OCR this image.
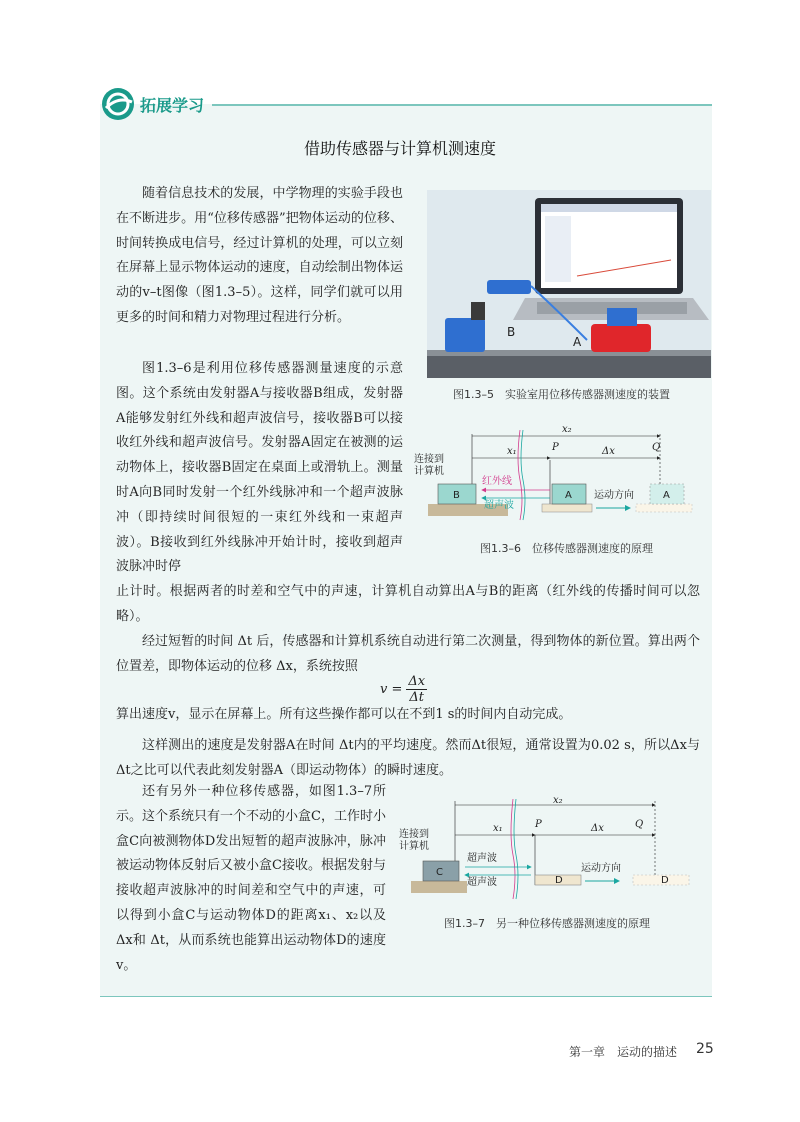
拓展学习
借助传感器与计算机测速度

随着信息技术的发展，中学物理的实验手段也在不断进步。用“位移传感器”把物体运动的位移、时间转换成电信号，经过计算机的处理，可以立刻在屏幕上显示物体运动的速度，自动绘制出物体运动的v–t图像（图1.3–5）。这样，同学们就可以用更多的时间和精力对物理过程进行分析。

图1.3–6是利用位移传感器测量速度的示意图。这个系统由发射器A与接收器B组成，发射器A能够发射红外线和超声波信号，接收器B可以接收红外线和超声波信号。发射器A固定在被测的运动物体上，接收器B固定在桌面上或滑轨上。测量时A向B同时发射一个红外线脉冲和一个超声波脉冲（即持续时间很短的一束红外线和一束超声波）。B接收到红外线脉冲开始计时，接收到超声波脉冲时停

止计时。根据两者的时差和空气中的声速，计算机自动算出A与B的距离（红外线的传播时间可以忽略）。

经过短暂的时间 Δt 后，传感器和计算机系统自动进行第二次测量，得到物体的新位置。算出两个位置差，即物体运动的位移 Δx，系统按照

$v = \frac{\Delta x}{\Delta t}$

算出速度v，显示在屏幕上。所有这些操作都可以在不到1 s的时间内自动完成。

这样测出的速度是发射器A在时间 Δt内的平均速度。然而Δt很短，通常设置为0.02 s，所以Δx与Δt之比可以代表此刻发射器A（即运动物体）的瞬时速度。

还有另外一种位移传感器，如图1.3–7所示。这个系统只有一个不动的小盒C，工作时小盒C向被测物体D发出短暂的超声波脉冲，脉冲被运动物体反射后又被小盒C接收。根据发射与接收超声波脉冲的时间差和空气中的声速，可以得到小盒C与运动物体D的距离x₁、x₂以及 Δx和 Δt，从而系统也能算出运动物体D的速度v。

B
A
图1.3–5　实验室用位移传感器测速度的装置
连接到
计算机
x₂
x₁	P	Q
Δx
B
红外线
超声波
A 运动方向	A
图1.3–6　位移传感器测速度的原理
连接到
计算机
x₂
x₁	P	Q
Δx
C
超声波
超声波	D
运动方向
D
图1.3–7　另一种位移传感器测速度的原理
第一章　运动的描述 25
